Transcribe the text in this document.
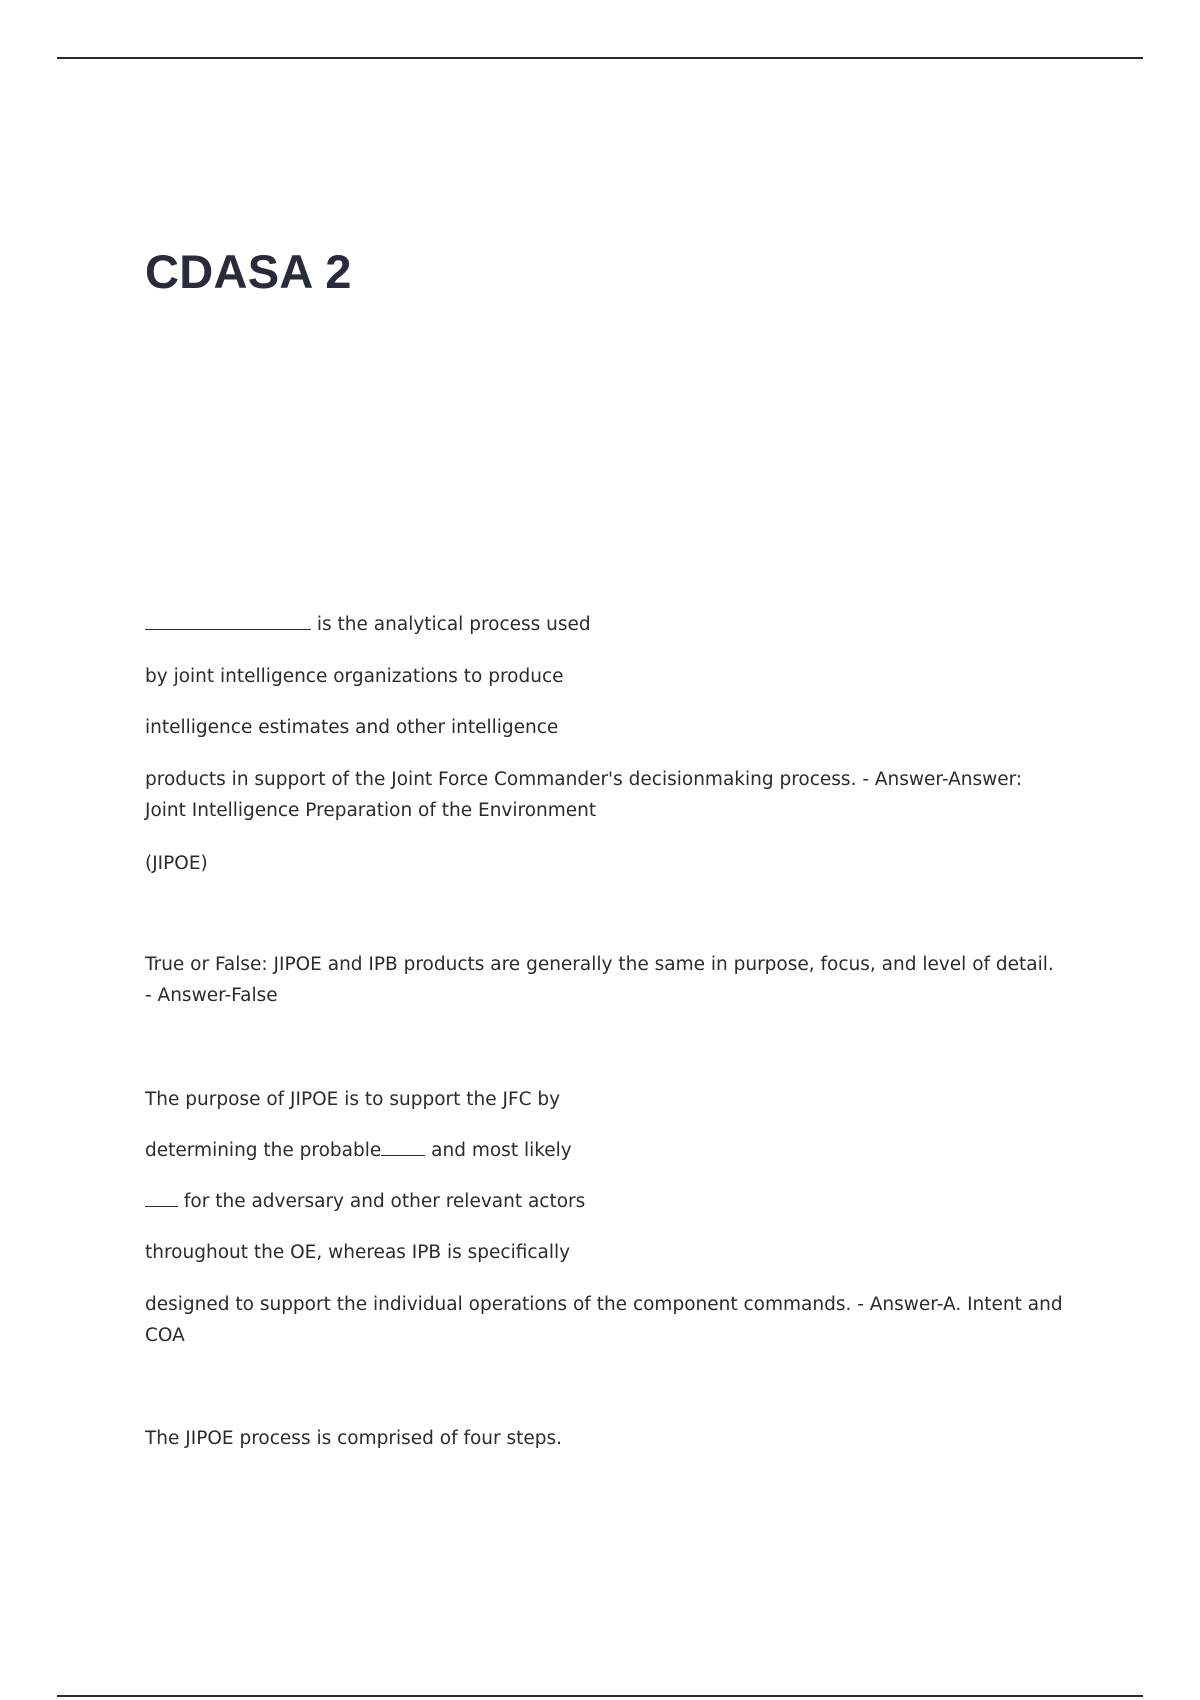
CDASA 2

is the analytical process used

by joint intelligence organizations to produce

intelligence estimates and other intelligence

products in support of the Joint Force Commander's decisionmaking process. - Answer-Answer: Joint Intelligence Preparation of the Environment

(JIPOE)

True or False: JIPOE and IPB products are generally the same in purpose, focus, and level of detail. - Answer-False

The purpose of JIPOE is to support the JFC by

determining the probable	and most likely

for the adversary and other relevant actors

throughout the OE, whereas IPB is specifically

designed to support the individual operations of the component commands. - Answer-A. Intent and COA

The JIPOE process is comprised of four steps.
